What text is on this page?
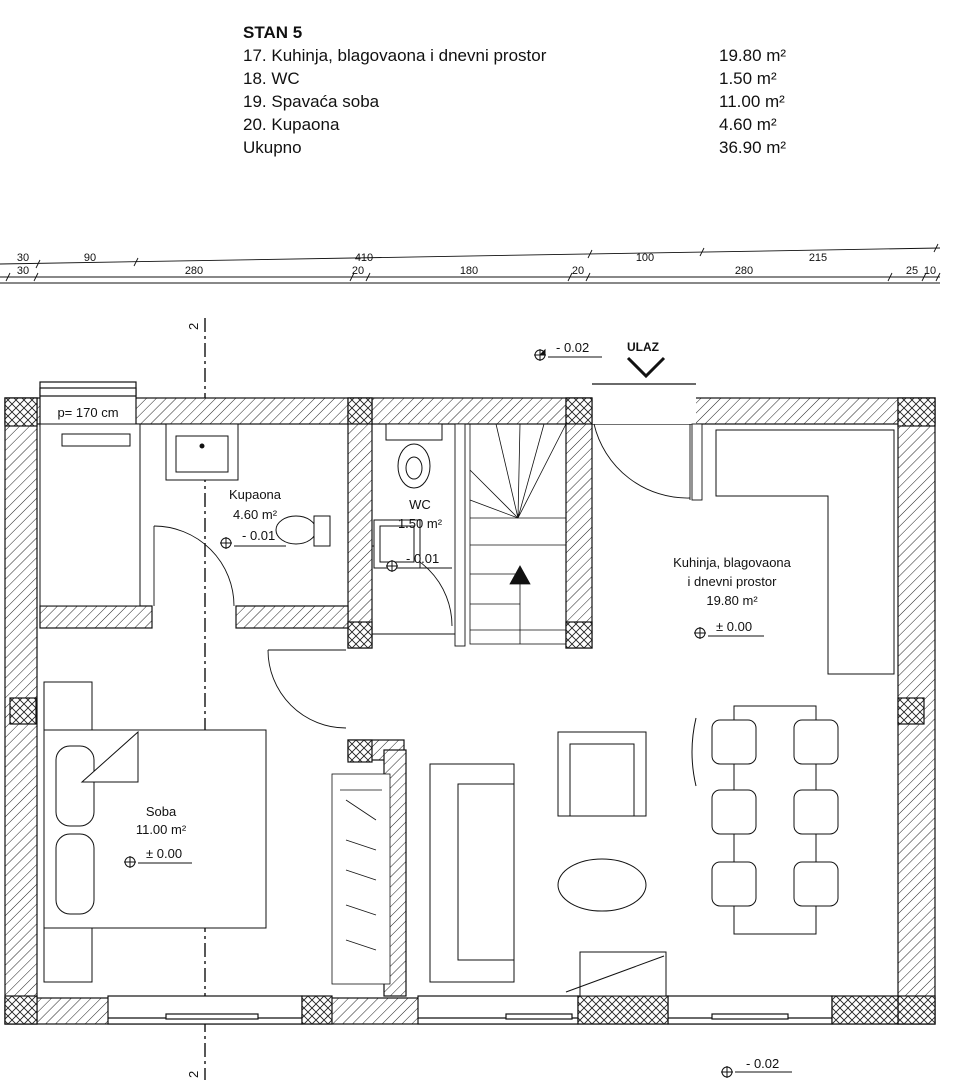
STAN 5
17. Kuhinja, blagovaona i dnevni prostor	19.80 m²
18. WC	1.50 m²
19. Spavaća soba	11.00 m²
20. Kupaona	4.60 m²
Ukupno	36.90 m²
30	90	410	100	215
30	280	20	180	20	280	25 10
2
2
ULAZ
- 0.02
- 0.01
- 0.01
± 0.00
± 0.00
- 0.02
Kupaona
4.60 m²
WC
1.50 m²
Kuhinja, blagovaona
i dnevni prostor
19.80 m²
Soba
11.00 m²
p= 170 cm
